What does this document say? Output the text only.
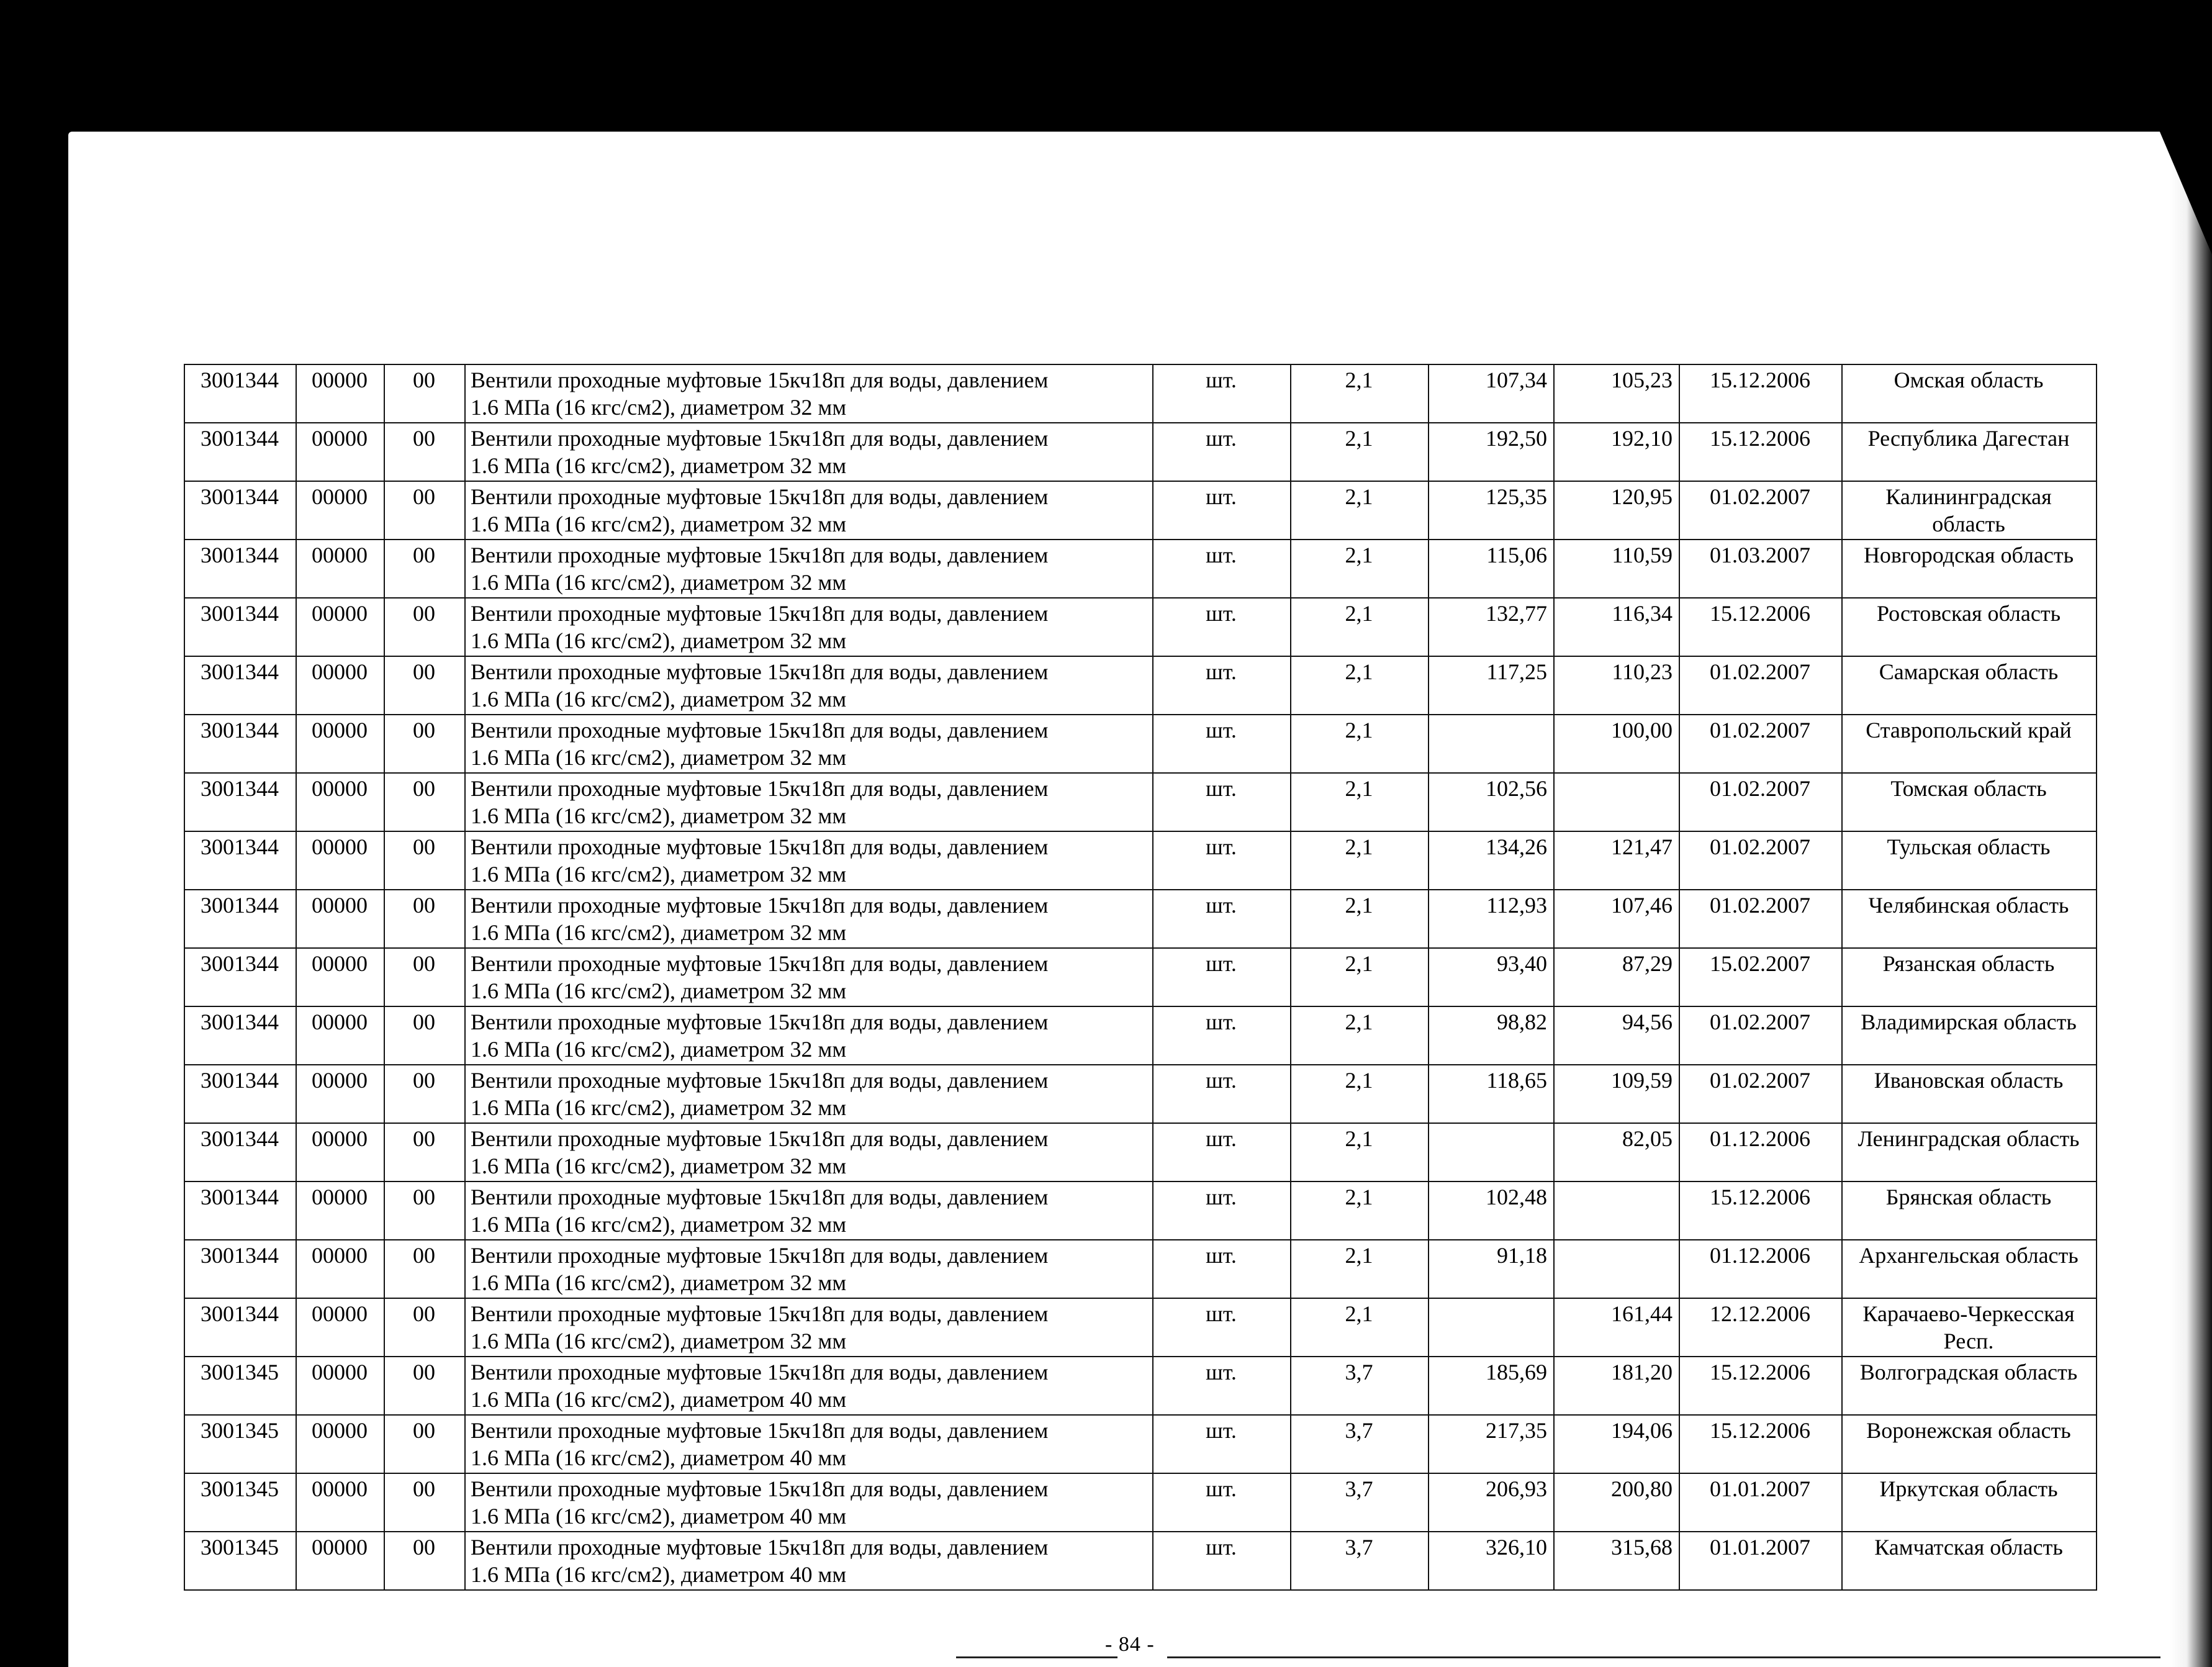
3001344	00000	00	Вентили проходные муфтовые 15кч18п для воды, давлением
1.6 МПа (16 кгс/см2), диаметром 32 мм	шт.	2,1	107,34	105,23	15.12.2006	Омская область
3001344	00000	00	Вентили проходные муфтовые 15кч18п для воды, давлением
1.6 МПа (16 кгс/см2), диаметром 32 мм	шт.	2,1	192,50	192,10	15.12.2006	Республика Дагестан
3001344	00000	00	Вентили проходные муфтовые 15кч18п для воды, давлением
1.6 МПа (16 кгс/см2), диаметром 32 мм	шт.	2,1	125,35	120,95	01.02.2007	Калининградская область
3001344	00000	00	Вентили проходные муфтовые 15кч18п для воды, давлением
1.6 МПа (16 кгс/см2), диаметром 32 мм	шт.	2,1	115,06	110,59	01.03.2007	Новгородская область
3001344	00000	00	Вентили проходные муфтовые 15кч18п для воды, давлением
1.6 МПа (16 кгс/см2), диаметром 32 мм	шт.	2,1	132,77	116,34	15.12.2006	Ростовская область
3001344	00000	00	Вентили проходные муфтовые 15кч18п для воды, давлением
1.6 МПа (16 кгс/см2), диаметром 32 мм	шт.	2,1	117,25	110,23	01.02.2007	Самарская область
3001344	00000	00	Вентили проходные муфтовые 15кч18п для воды, давлением
1.6 МПа (16 кгс/см2), диаметром 32 мм	шт.	2,1		100,00	01.02.2007	Ставропольский край
3001344	00000	00	Вентили проходные муфтовые 15кч18п для воды, давлением
1.6 МПа (16 кгс/см2), диаметром 32 мм	шт.	2,1	102,56		01.02.2007	Томская область
3001344	00000	00	Вентили проходные муфтовые 15кч18п для воды, давлением
1.6 МПа (16 кгс/см2), диаметром 32 мм	шт.	2,1	134,26	121,47	01.02.2007	Тульская область
3001344	00000	00	Вентили проходные муфтовые 15кч18п для воды, давлением
1.6 МПа (16 кгс/см2), диаметром 32 мм	шт.	2,1	112,93	107,46	01.02.2007	Челябинская область
3001344	00000	00	Вентили проходные муфтовые 15кч18п для воды, давлением
1.6 МПа (16 кгс/см2), диаметром 32 мм	шт.	2,1	93,40	87,29	15.02.2007	Рязанская область
3001344	00000	00	Вентили проходные муфтовые 15кч18п для воды, давлением
1.6 МПа (16 кгс/см2), диаметром 32 мм	шт.	2,1	98,82	94,56	01.02.2007	Владимирская область
3001344	00000	00	Вентили проходные муфтовые 15кч18п для воды, давлением
1.6 МПа (16 кгс/см2), диаметром 32 мм	шт.	2,1	118,65	109,59	01.02.2007	Ивановская область
3001344	00000	00	Вентили проходные муфтовые 15кч18п для воды, давлением
1.6 МПа (16 кгс/см2), диаметром 32 мм	шт.	2,1		82,05	01.12.2006	Ленинградская область
3001344	00000	00	Вентили проходные муфтовые 15кч18п для воды, давлением
1.6 МПа (16 кгс/см2), диаметром 32 мм	шт.	2,1	102,48		15.12.2006	Брянская область
3001344	00000	00	Вентили проходные муфтовые 15кч18п для воды, давлением
1.6 МПа (16 кгс/см2), диаметром 32 мм	шт.	2,1	91,18		01.12.2006	Архангельская область
3001344	00000	00	Вентили проходные муфтовые 15кч18п для воды, давлением
1.6 МПа (16 кгс/см2), диаметром 32 мм	шт.	2,1		161,44	12.12.2006	Карачаево-Черкесская Респ.
3001345	00000	00	Вентили проходные муфтовые 15кч18п для воды, давлением
1.6 МПа (16 кгс/см2), диаметром 40 мм	шт.	3,7	185,69	181,20	15.12.2006	Волгоградская область
3001345	00000	00	Вентили проходные муфтовые 15кч18п для воды, давлением
1.6 МПа (16 кгс/см2), диаметром 40 мм	шт.	3,7	217,35	194,06	15.12.2006	Воронежская область
3001345	00000	00	Вентили проходные муфтовые 15кч18п для воды, давлением
1.6 МПа (16 кгс/см2), диаметром 40 мм	шт.	3,7	206,93	200,80	01.01.2007	Иркутская область
3001345	00000	00	Вентили проходные муфтовые 15кч18п для воды, давлением
1.6 МПа (16 кгс/см2), диаметром 40 мм	шт.	3,7	326,10	315,68	01.01.2007	Камчатская область
- 84 -
